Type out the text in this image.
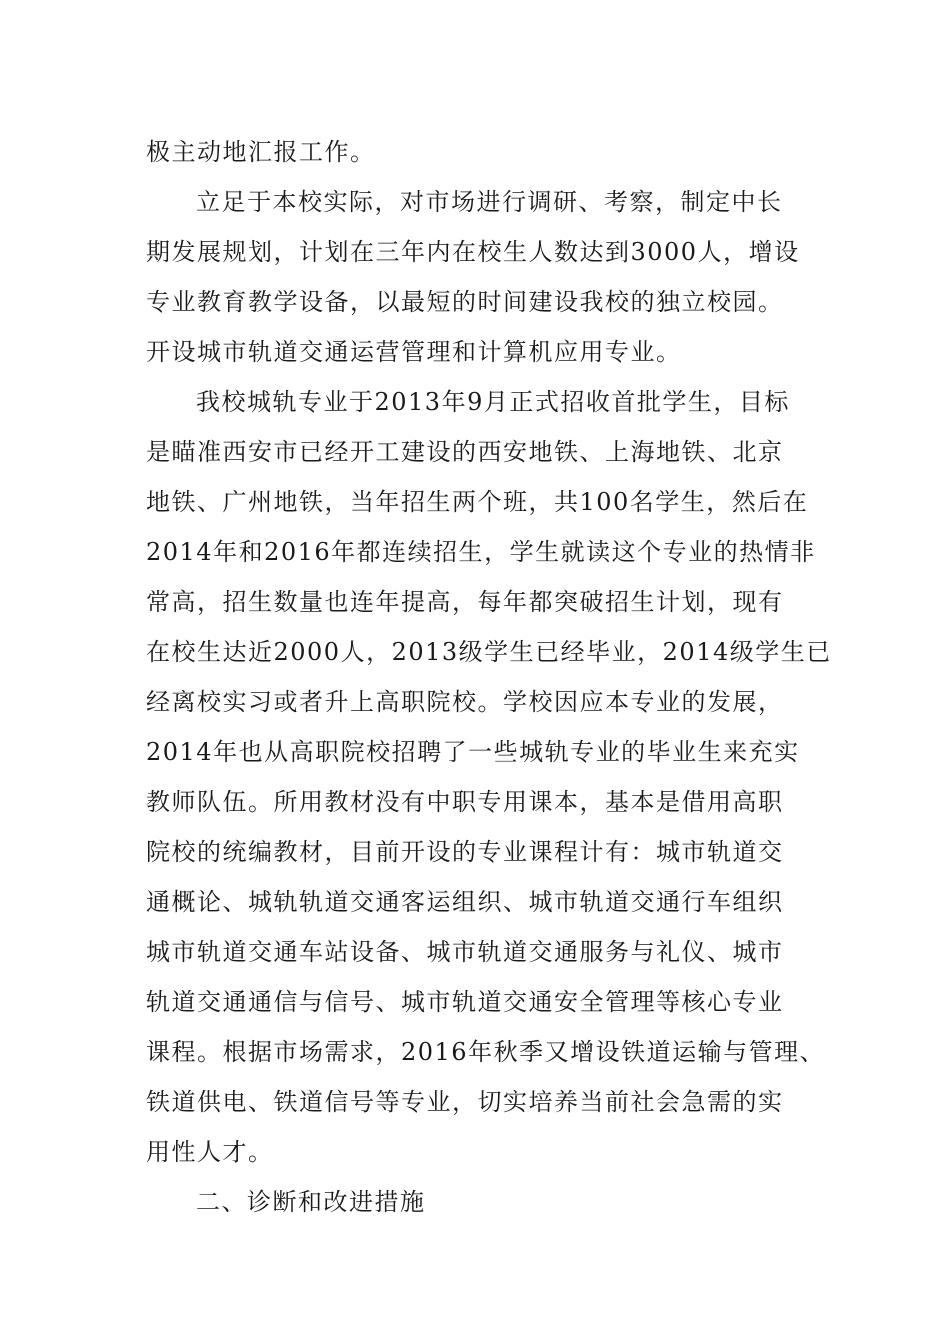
极主动地汇报工作。
立足于本校实际，对市场进行调研、考察，制定中长
期发展规划，计划在三年内在校生人数达到3000人，增设
专业教育教学设备，以最短的时间建设我校的独立校园。
开设城市轨道交通运营管理和计算机应用专业。
我校城轨专业于2013年9月正式招收首批学生，目标
是瞄准西安市已经开工建设的西安地铁、上海地铁、北京
地铁、广州地铁，当年招生两个班，共100名学生，然后在
2014年和2016年都连续招生，学生就读这个专业的热情非
常高，招生数量也连年提高，每年都突破招生计划，现有
在校生达近2000人，2013级学生已经毕业，2014级学生已
经离校实习或者升上高职院校。学校因应本专业的发展，
2014年也从高职院校招聘了一些城轨专业的毕业生来充实
教师队伍。所用教材没有中职专用课本，基本是借用高职
院校的统编教材，目前开设的专业课程计有：城市轨道交
通概论、城轨轨道交通客运组织、城市轨道交通行车组织
城市轨道交通车站设备、城市轨道交通服务与礼仪、城市
轨道交通通信与信号、城市轨道交通安全管理等核心专业
课程。根据市场需求，2016年秋季又增设铁道运输与管理、
铁道供电、铁道信号等专业，切实培养当前社会急需的实
用性人才。
二、诊断和改进措施
